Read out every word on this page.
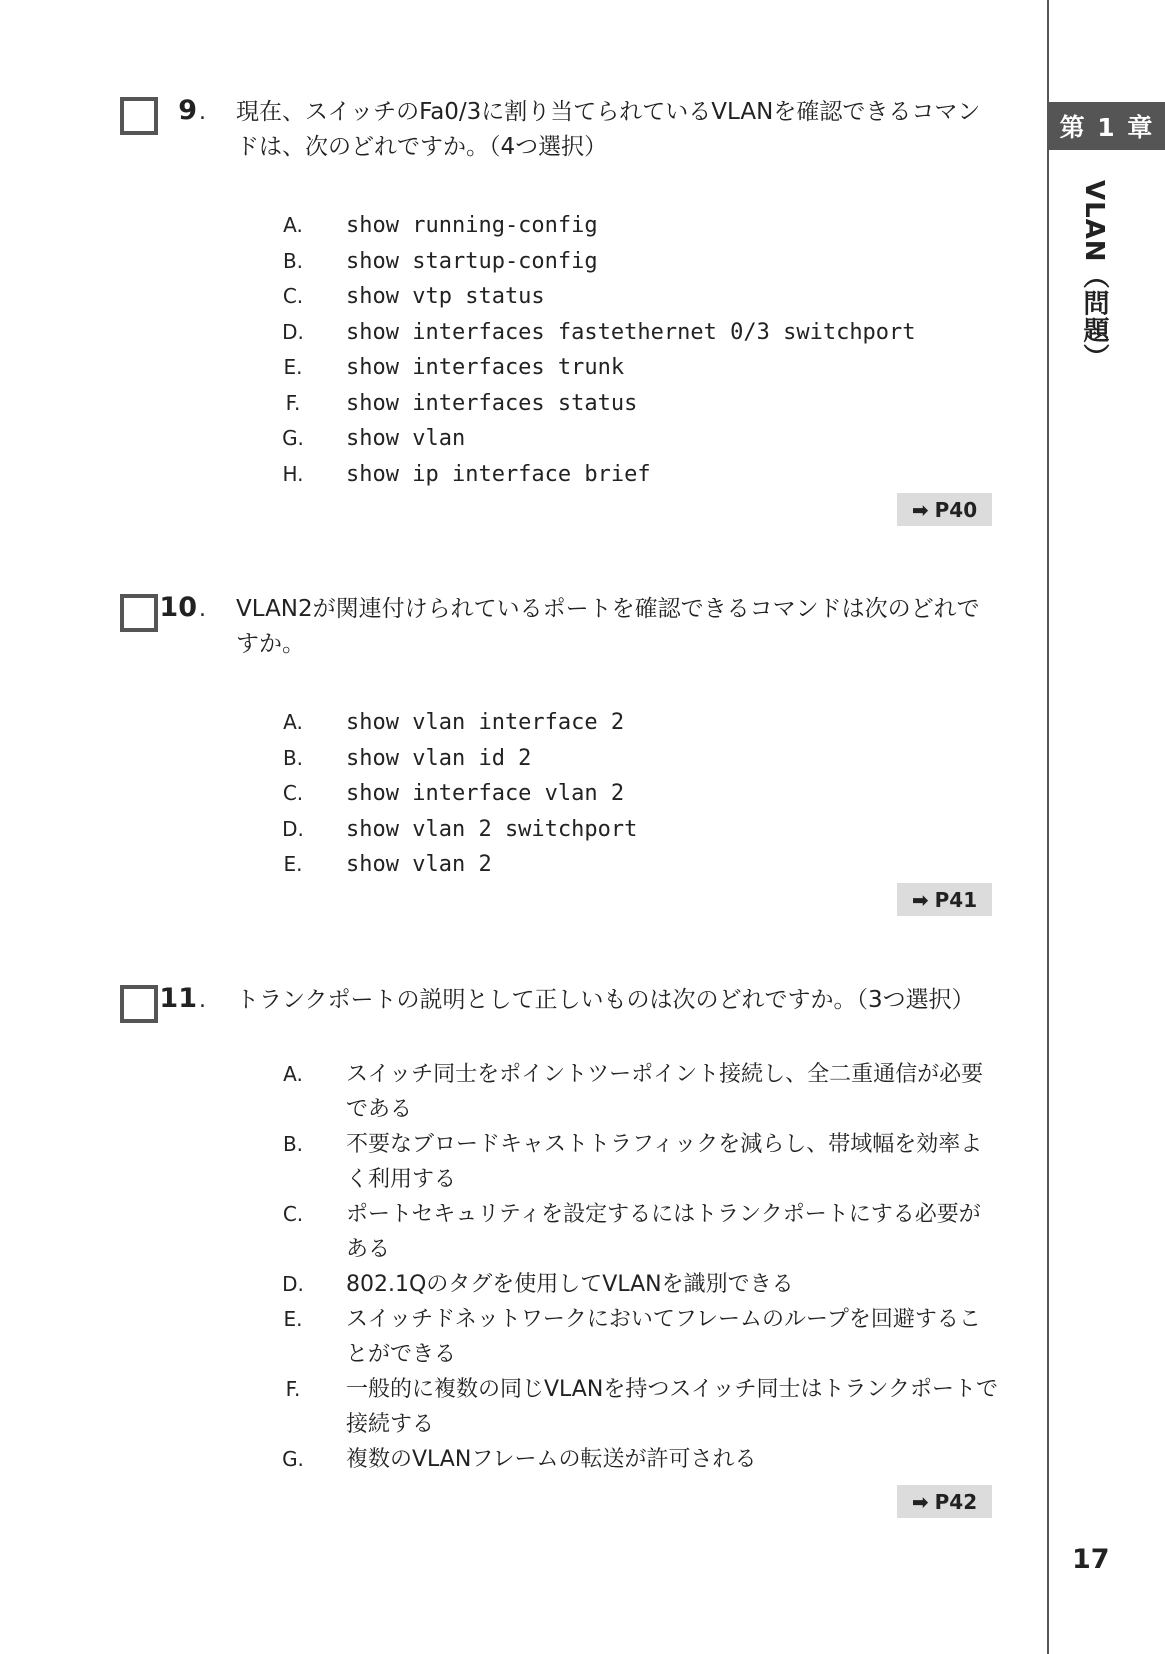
第 1 章
VLAN（問題）
17
9. 現在、スイッチのFa0/3に割り当てられているVLANを確認できるコマンドは、次のどれですか。（4つ選択）
A. show running-config
B. show startup-config
C. show vtp status
D. show interfaces fastethernet 0/3 switchport
E. show interfaces trunk
F.	show interfaces status
G. show vlan
H. show ip interface brief
➡ P40
10. VLAN2が関連付けられているポートを確認できるコマンドは次のどれですか。
A. show vlan interface 2
B. show vlan id 2
C. show interface vlan 2
D. show vlan 2 switchport
E. show vlan 2
➡ P41
11. トランクポートの説明として正しいものは次のどれですか。（3つ選択）
A. スイッチ同士をポイントツーポイント接続し、全二重通信が必要である
B. 不要なブロードキャストトラフィックを減らし、帯域幅を効率よく利用する
C. ポートセキュリティを設定するにはトランクポートにする必要がある
D. 802.1Qのタグを使用してVLANを識別できる
E. スイッチドネットワークにおいてフレームのループを回避することができる
F.	一般的に複数の同じVLANを持つスイッチ同士はトランクポートで接続する
G. 複数のVLANフレームの転送が許可される
➡ P42
